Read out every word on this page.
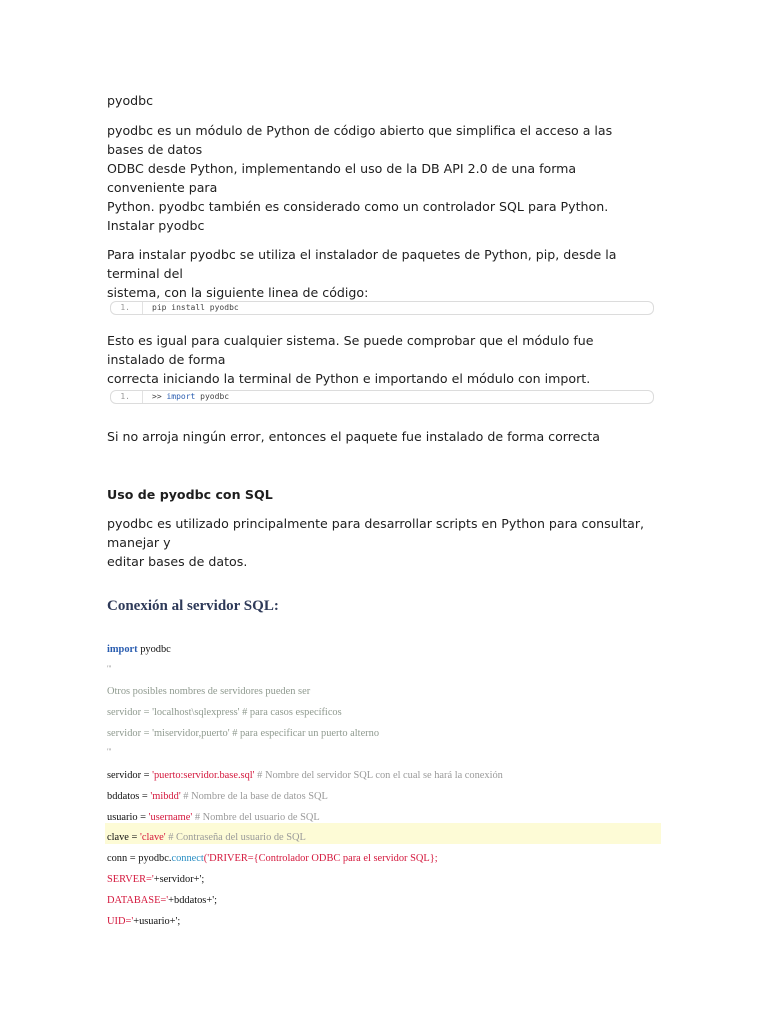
pyodbc
pyodbc es un módulo de Python de código abierto que simplifica el acceso a las bases de datos
ODBC desde Python, implementando el uso de la DB API 2.0 de una forma conveniente para
Python. pyodbc también es considerado como un controlador SQL para Python.
Instalar pyodbc
Para instalar pyodbc se utiliza el instalador de paquetes de Python, pip, desde la terminal del
sistema, con la siguiente linea de código:
1.	pip install pyodbc
Esto es igual para cualquier sistema. Se puede comprobar que el módulo fue instalado de forma
correcta iniciando la terminal de Python e importando el módulo con import.
1.	>> import pyodbc
Si no arroja ningún error, entonces el paquete fue instalado de forma correcta
Uso de pyodbc con SQL
pyodbc es utilizado principalmente para desarrollar scripts en Python para consultar, manejar y
editar bases de datos.
Conexión al servidor SQL:
import pyodbc
'''
Otros posibles nombres de servidores pueden ser
servidor = 'localhost\sqlexpress' # para casos específicos
servidor = 'miservidor,puerto' # para especificar un puerto alterno
'''
servidor = 'puerto:servidor.base.sql' # Nombre del servidor SQL con el cual se hará la conexión
bddatos = 'mibdd' # Nombre de la base de datos SQL
usuario = 'username' # Nombre del usuario de SQL
clave = 'clave' # Contraseña del usuario de SQL
conn = pyodbc.connect('DRIVER={Controlador ODBC para el servidor SQL};
SERVER='+servidor+';
DATABASE='+bddatos+';
UID='+usuario+';
